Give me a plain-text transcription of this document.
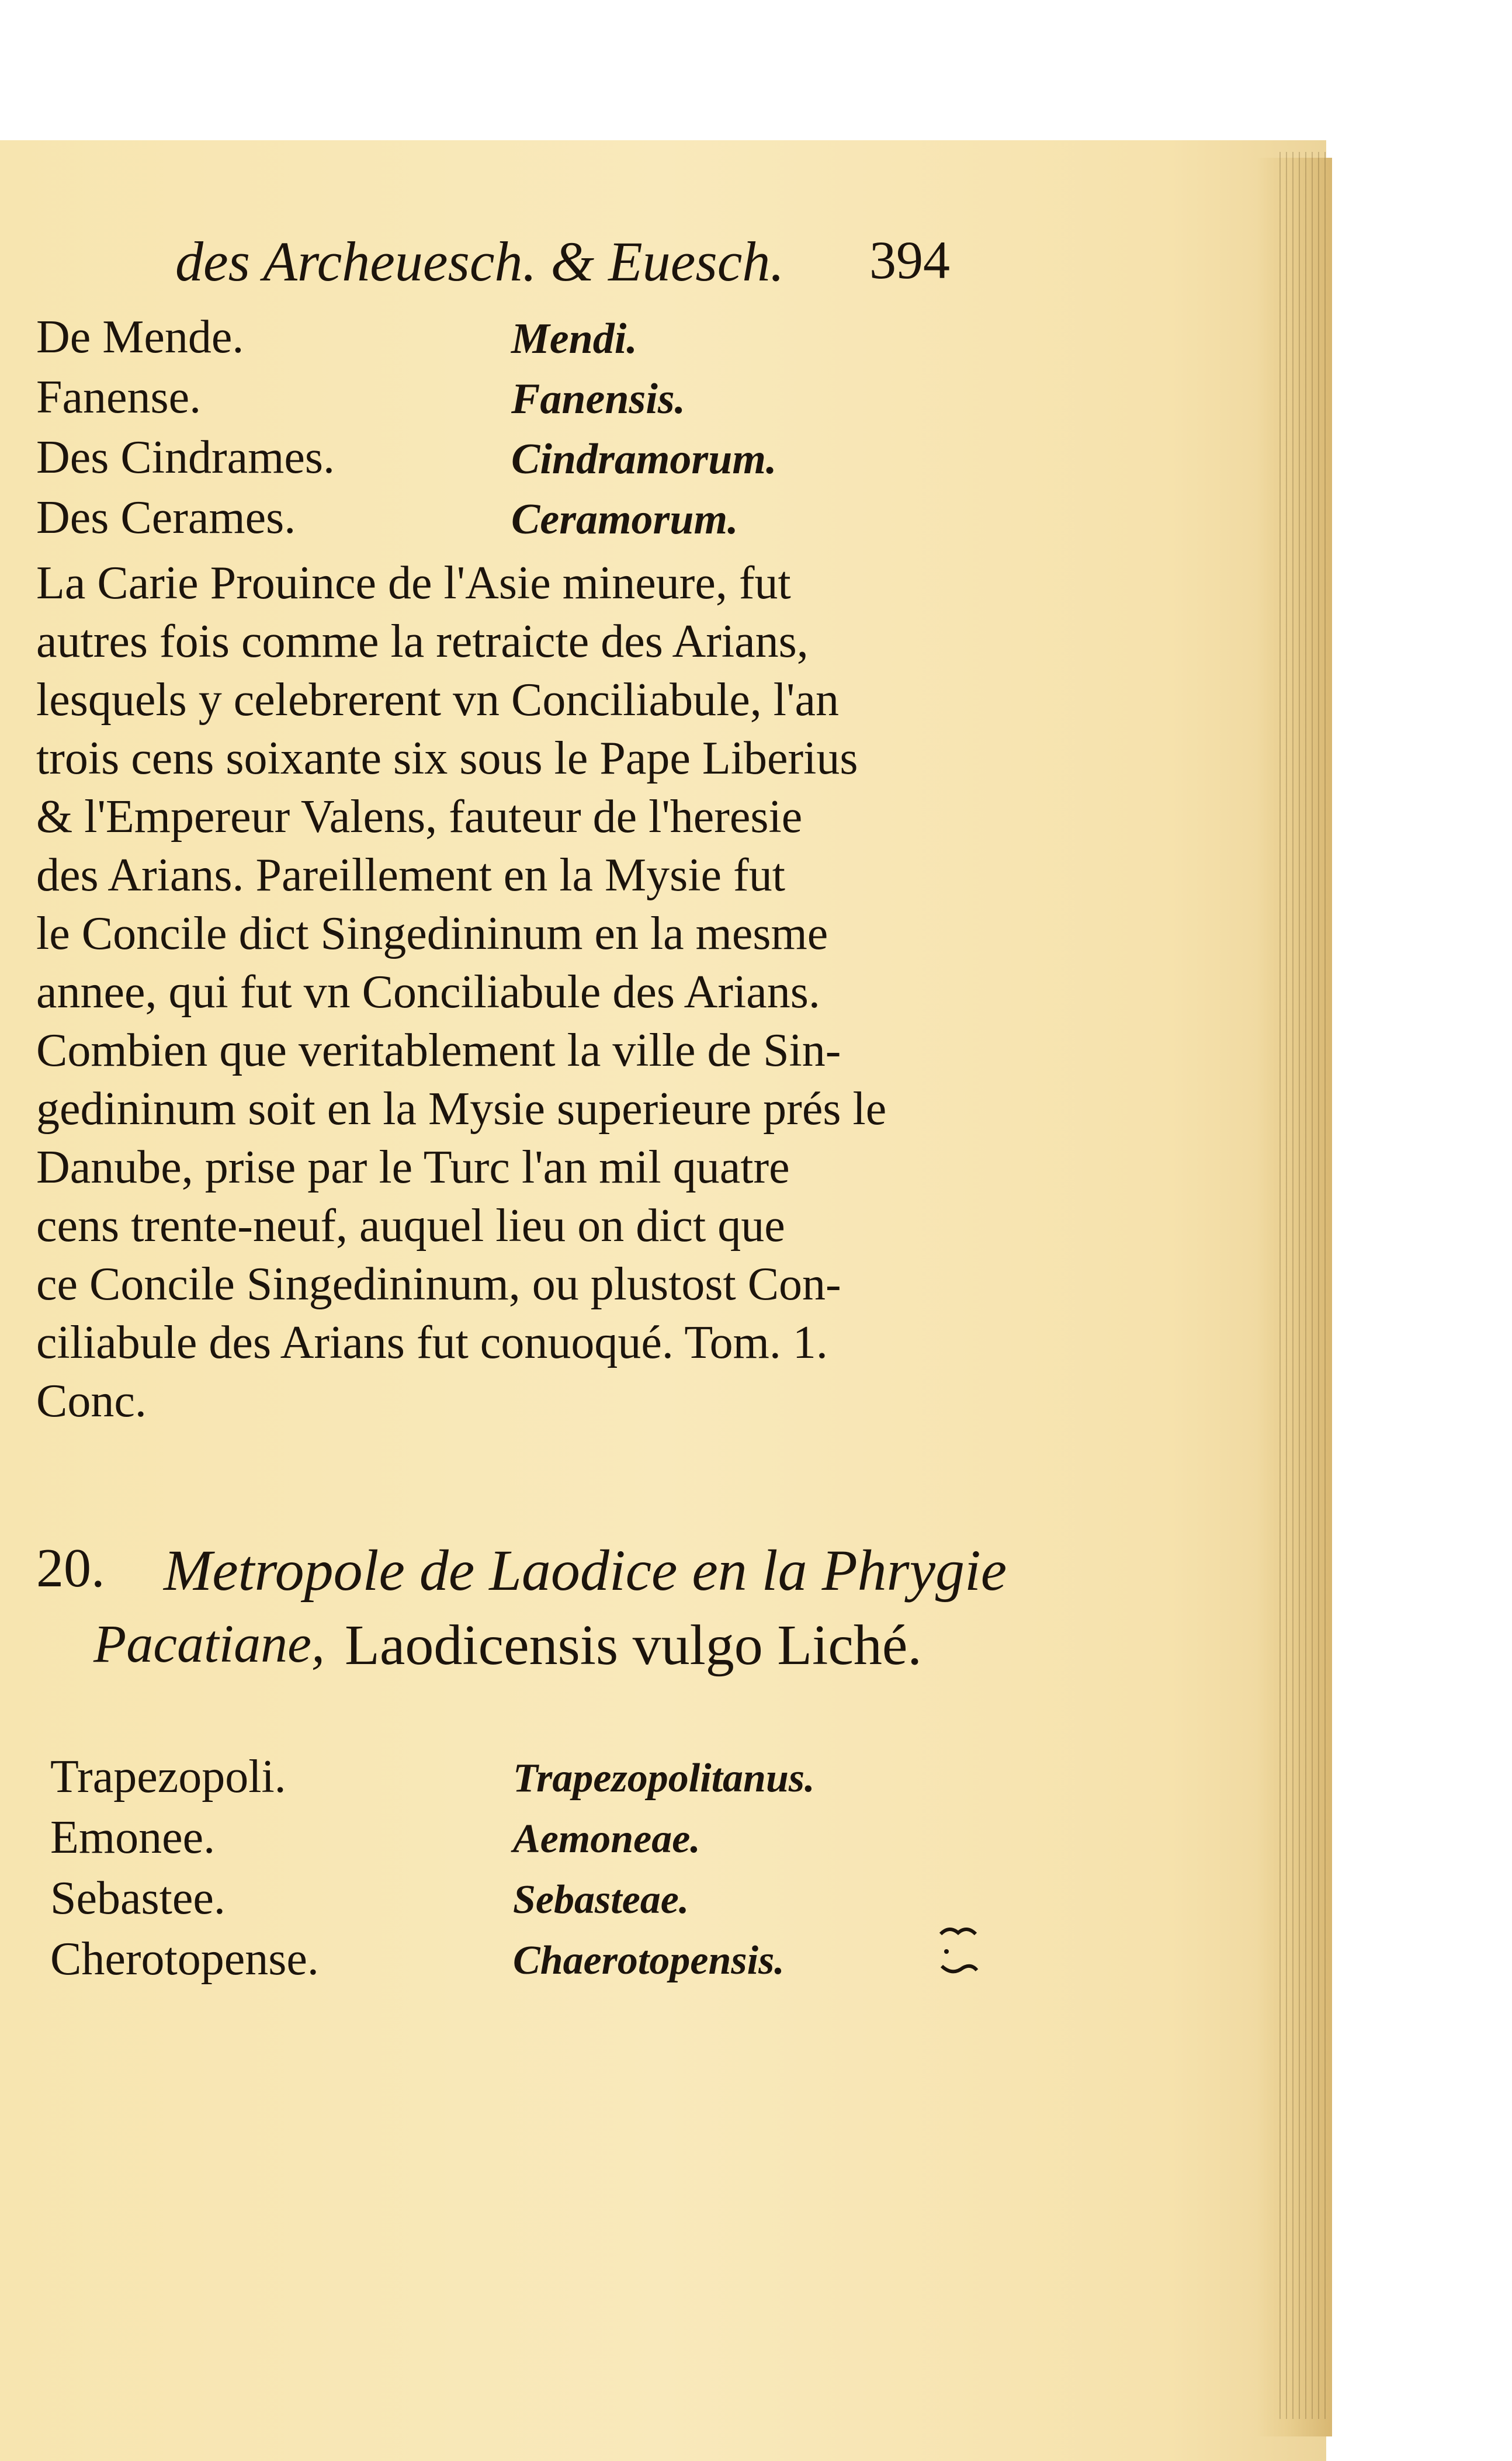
des Archeuesch. & Euesch. 394
De Mende.	Mendi.
Fanense.	Fanensis.
Des Cindrames.	Cindramorum.
Des Cerames.	Ceramorum.
La Carie Prouince de l'Asie mineure, fut
autres fois comme la retraicte des Arians,
lesquels y celebrerent vn Conciliabule, l'an
trois cens soixante six sous le Pape Liberius
& l'Empereur Valens, fauteur de l'heresie
des Arians. Pareillement en la Mysie fut
le Concile dict Singedininum en la mesme
annee, qui fut vn Conciliabule des Arians.
Combien que veritablement la ville de Sin-
gedininum soit en la Mysie superieure prés le
Danube, prise par le Turc l'an mil quatre
cens trente-neuf, auquel lieu on dict que
ce Concile Singedininum, ou plustost Con-
ciliabule des Arians fut conuoqué. Tom. 1.
Conc.
20. Metropole de Laodice en la Phrygie
Pacatiane, Laodicensis vulgo Liché.
Trapezopoli.	Trapezopolitanus.
Emonee.	Aemoneae.
Sebastee.	Sebasteae.
Cherotopense.	Chaerotopensis.
